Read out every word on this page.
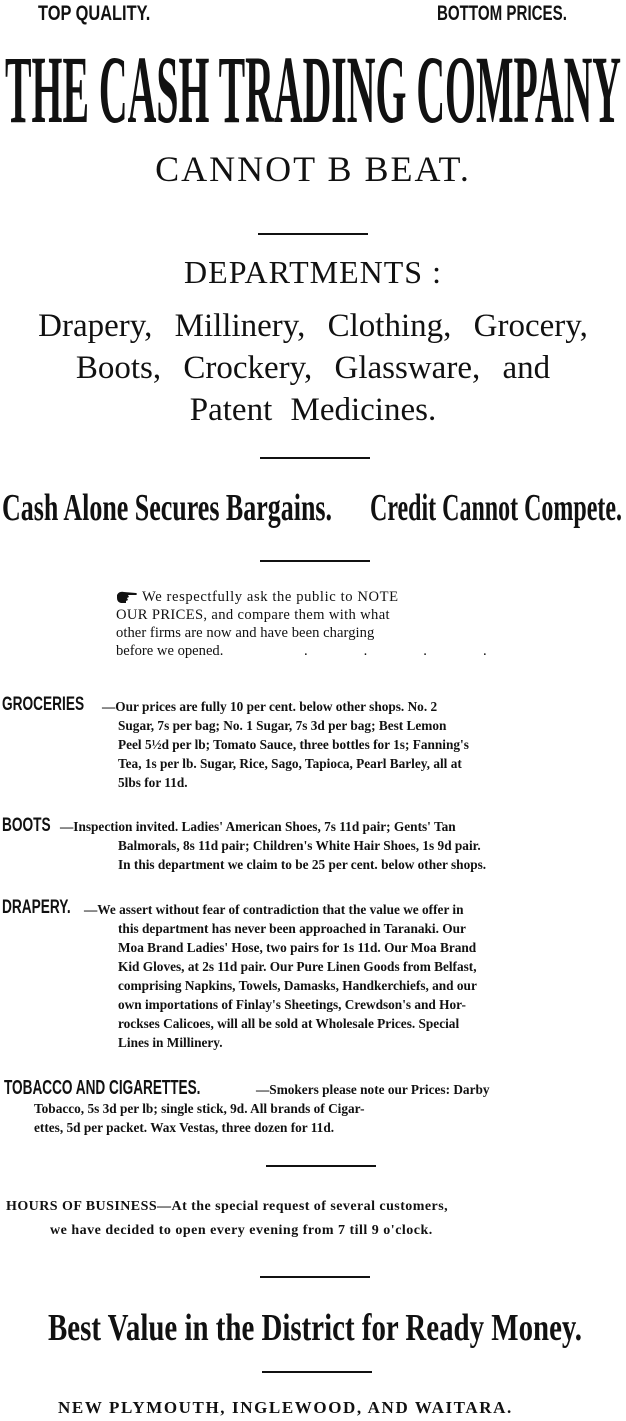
TOP QUALITY.	BOTTOM PRICES.
THE CASH TRADING COMPANY
CANNOT B BEAT.
DEPARTMENTS :
Drapery, Millinery, Clothing, Grocery,
Boots, Crockery, Glassware, and
Patent Medicines.
Cash Alone Secures Bargains. Credit Cannot Compete.
We respectfully ask the public to NOTE
OUR PRICES, and compare them with what
other firms are now and have been charging
before we opened.	....
GROCERIES —Our prices are fully 10 per cent. below other shops. No. 2
Sugar, 7s per bag; No. 1 Sugar, 7s 3d per bag; Best Lemon
Peel 5½d per lb; Tomato Sauce, three bottles for 1s; Fanning's
Tea, 1s per lb. Sugar, Rice, Sago, Tapioca, Pearl Barley, all at
5lbs for 11d.
BOOTS —Inspection invited. Ladies' American Shoes, 7s 11d pair; Gents' Tan
Balmorals, 8s 11d pair; Children's White Hair Shoes, 1s 9d pair.
In this department we claim to be 25 per cent. below other shops.
DRAPERY. —We assert without fear of contradiction that the value we offer in
this department has never been approached in Taranaki. Our
Moa Brand Ladies' Hose, two pairs for 1s 11d. Our Moa Brand
Kid Gloves, at 2s 11d pair. Our Pure Linen Goods from Belfast,
comprising Napkins, Towels, Damasks, Handkerchiefs, and our
own importations of Finlay's Sheetings, Crewdson's and Hor-
rockses Calicoes, will all be sold at Wholesale Prices. Special
Lines in Millinery.
TOBACCO AND CIGARETTES.	—Smokers please note our Prices: Darby
Tobacco, 5s 3d per lb; single stick, 9d. All brands of Cigar-
ettes, 5d per packet. Wax Vestas, three dozen for 11d.
HOURS OF BUSINESS—At the special request of several customers,
we have decided to open every evening from 7 till 9 o'clock.
Best Value in the District for Ready Money.
NEW PLYMOUTH, INGLEWOOD, AND WAITARA.
